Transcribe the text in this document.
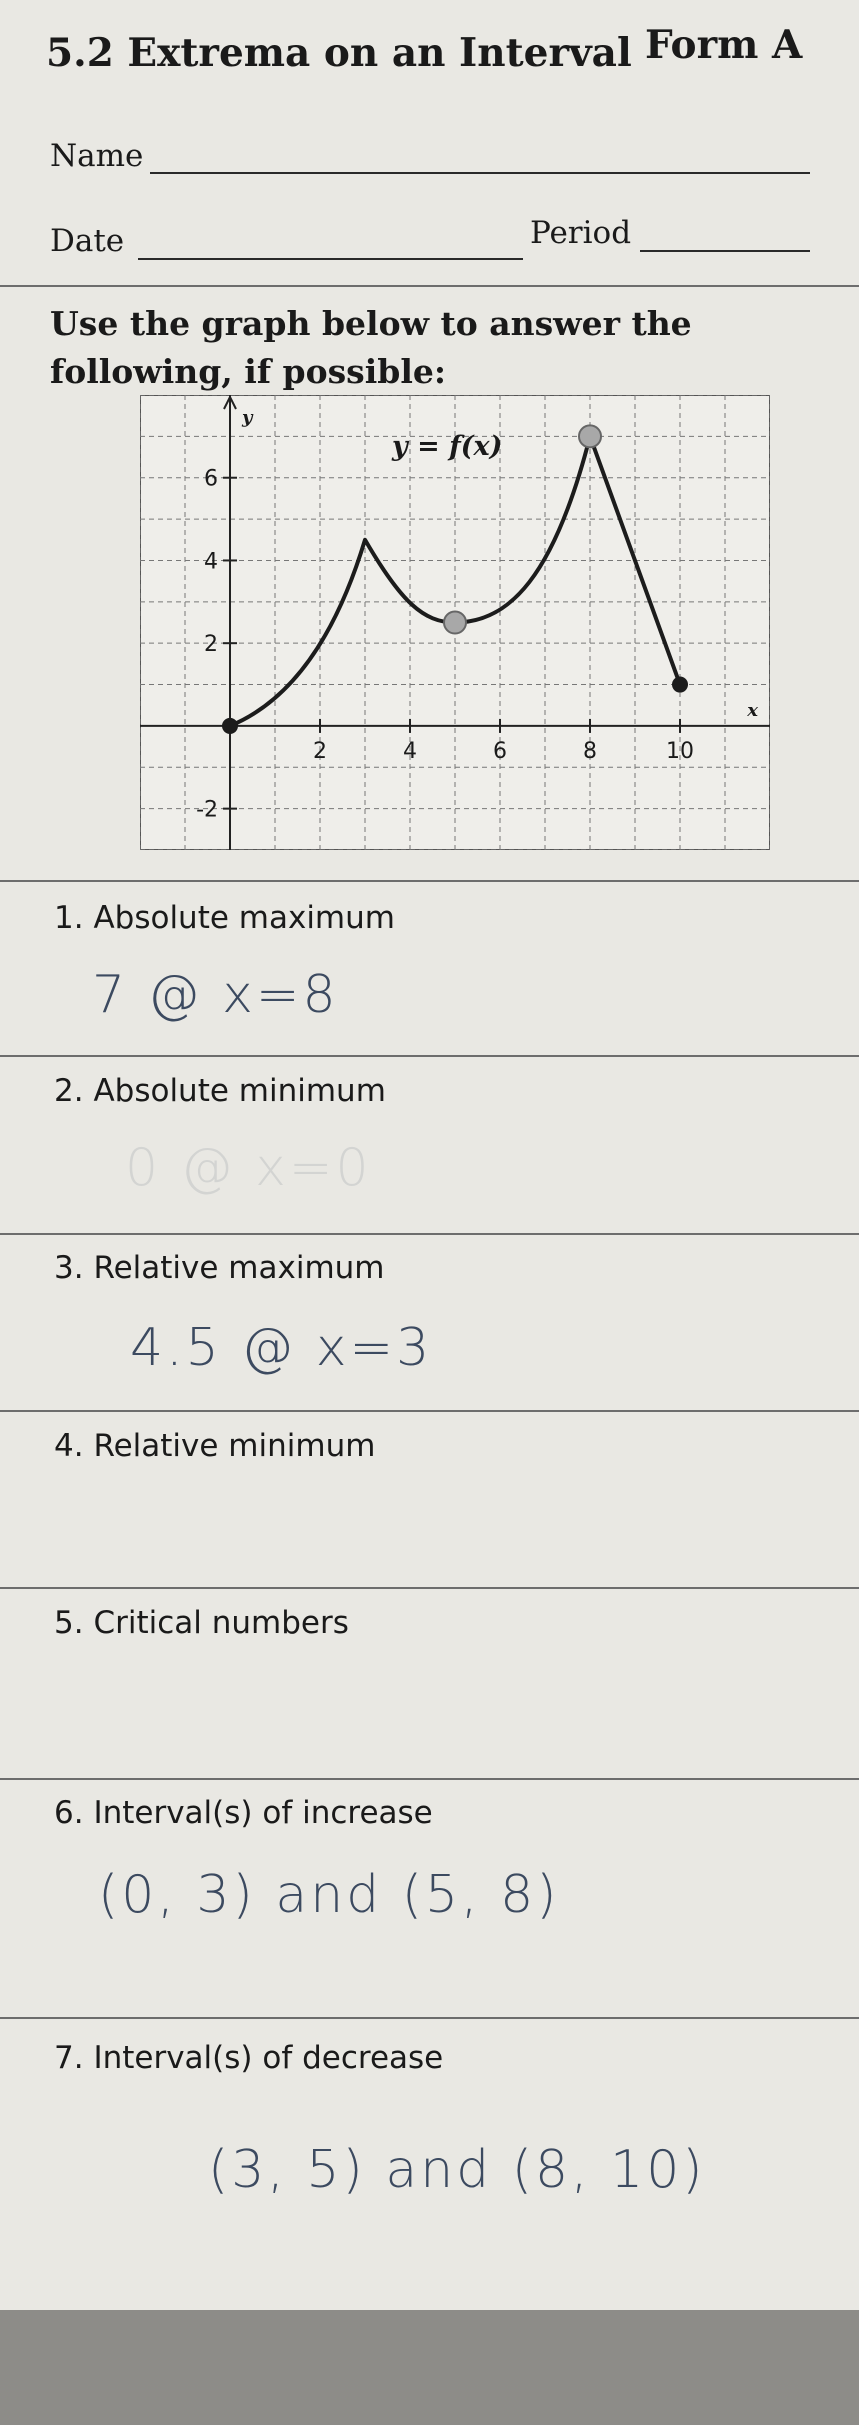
5.2 Extrema on an Interval Form A
Name
Date	Period
Use the graph below to answer the following, if possible:
2	4	6	8	10
-2
2
4
6
y
x
y = f(x)
1. Absolute maximum
7 @ x=8
2. Absolute minimum
0 @ x=0
3. Relative maximum
4.5 @ x=3
4. Relative minimum
5. Critical numbers
6. Interval(s) of increase
(0, 3) and (5, 8)
7. Interval(s) of decrease
(3, 5) and (8, 10)
